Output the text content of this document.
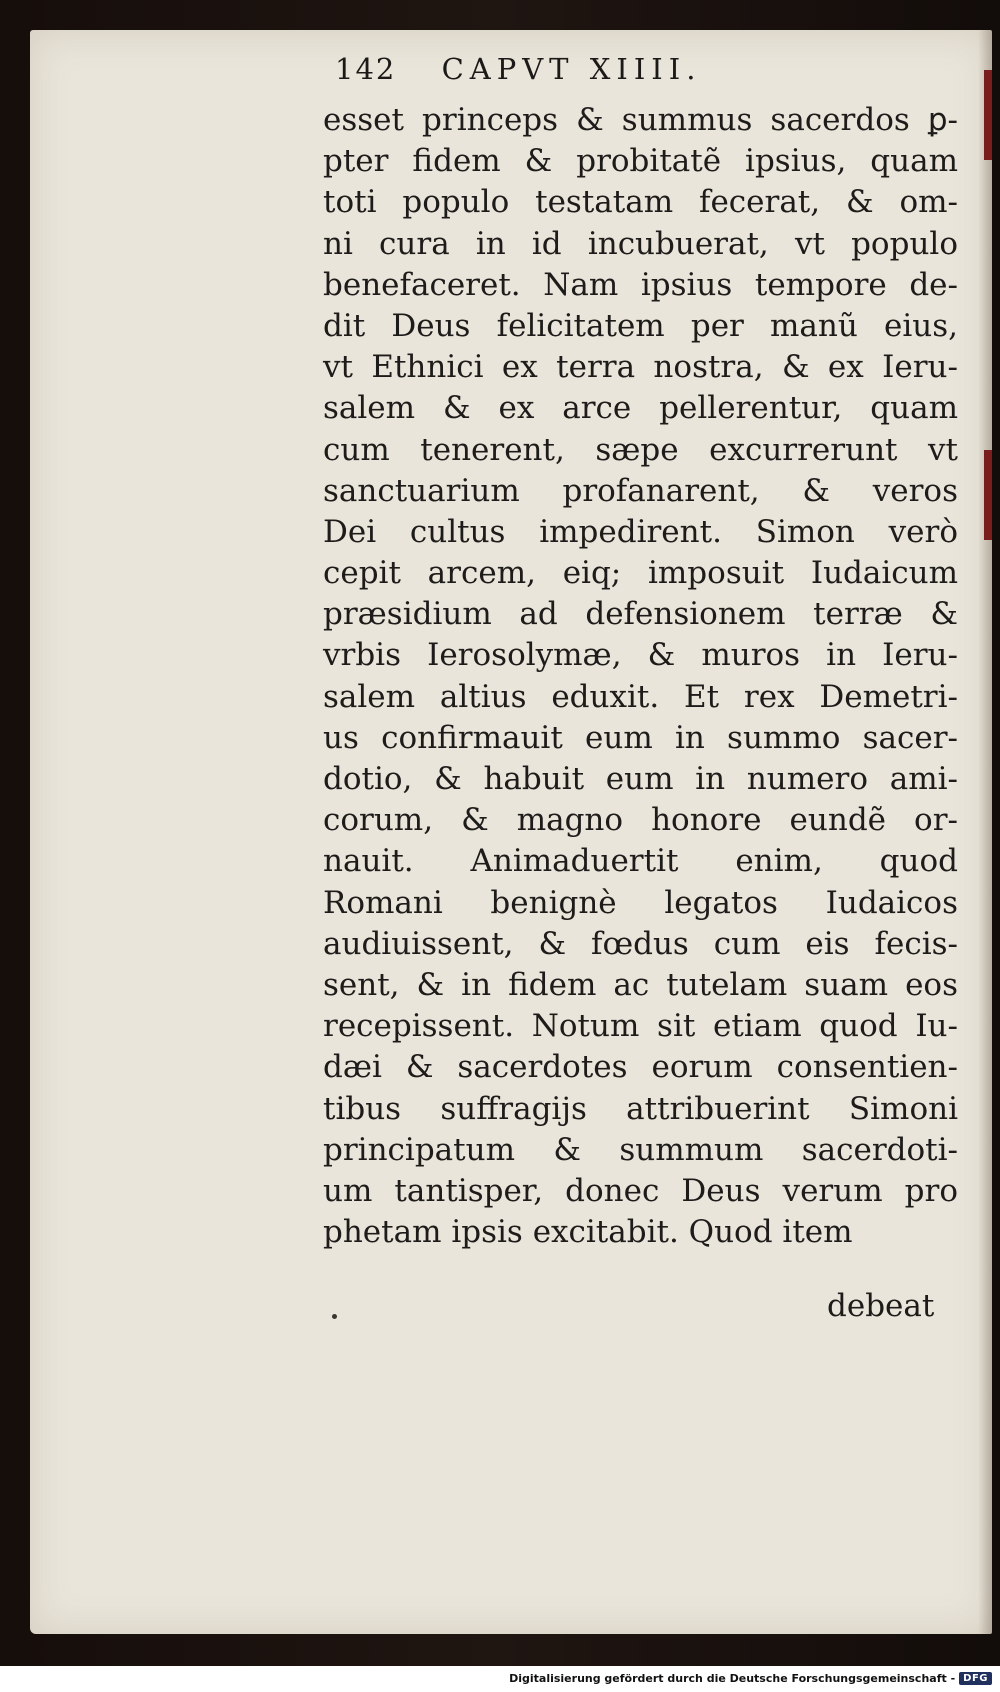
142 CAPVT XIIII.
esset princeps & summus sacerdos ꝑ-
pter fidem & probitatẽ ipsius, quam
toti populo testatam fecerat, & om-
ni cura in id incubuerat, vt populo
benefaceret. Nam ipsius tempore de-
dit Deus felicitatem per manũ eius,
vt Ethnici ex terra nostra, & ex Ieru-
salem & ex arce pellerentur, quam
cum tenerent, sæpe excurrerunt vt
sanctuarium profanarent, & veros
Dei cultus impedirent. Simon verò
cepit arcem, eiq; imposuit Iudaicum
præsidium ad defensionem terræ &
vrbis Ierosolymæ, & muros in Ieru-
salem altius eduxit. Et rex Demetri-
us confirmauit eum in summo sacer-
dotio, & habuit eum in numero ami-
corum, & magno honore eundẽ or-
nauit. Animaduertit enim, quod
Romani benignè legatos Iudaicos
audiuissent, & fœdus cum eis fecis-
sent, & in fidem ac tutelam suam eos
recepissent. Notum sit etiam quod Iu-
dæi & sacerdotes eorum consentien-
tibus suffragijs attribuerint Simoni
principatum & summum sacerdoti-
um tantisper, donec Deus verum pro
phetam ipsis excitabit. Quod item
debeat
Digitalisierung gefördert durch die Deutsche Forschungsgemeinschaft - DFG
